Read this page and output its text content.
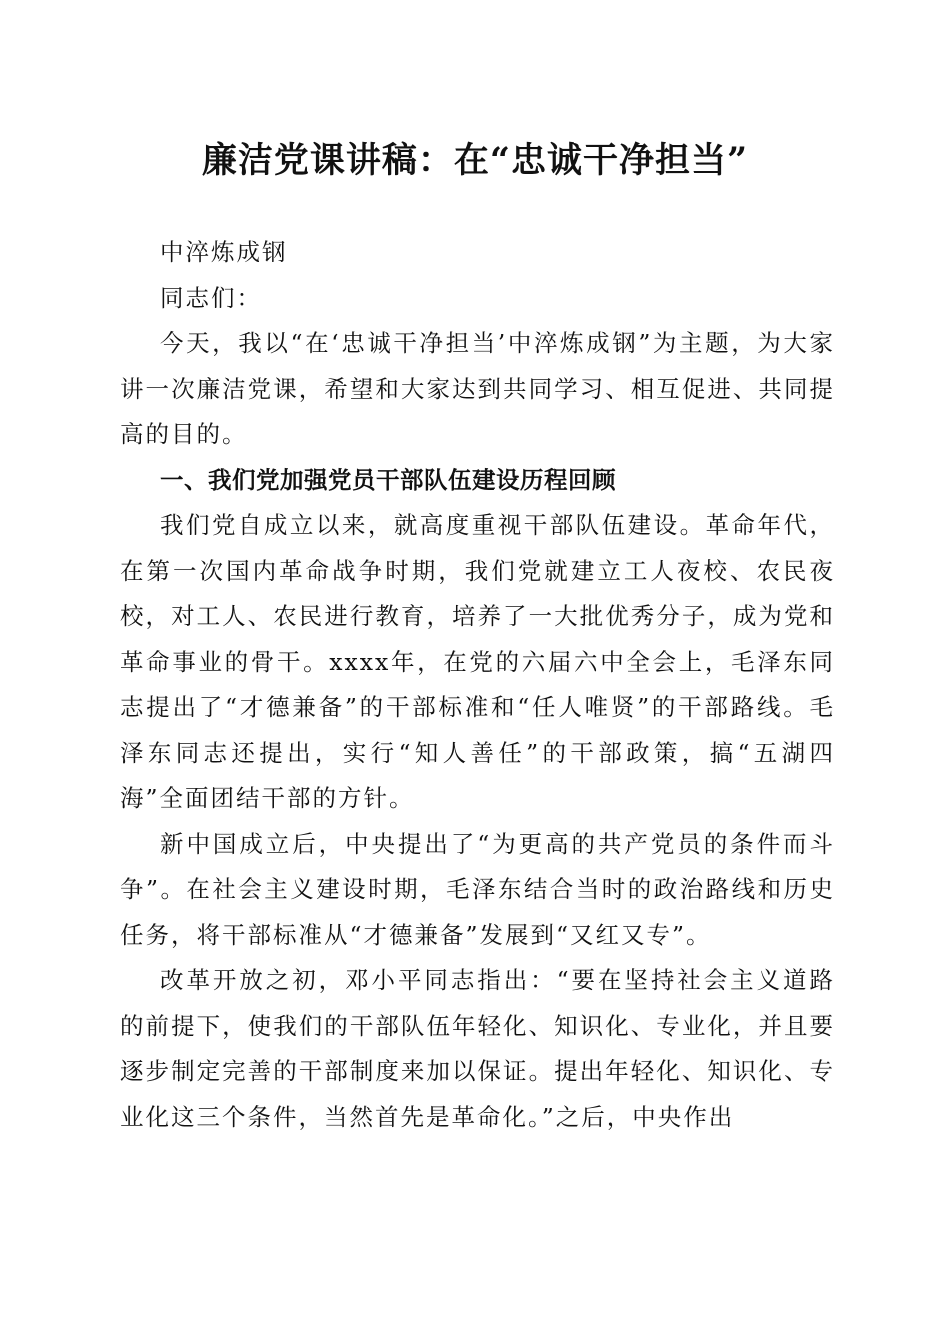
廉洁党课讲稿：在“忠诚干净担当”

中淬炼成钢

同志们：

今天，我以“在‘忠诚干净担当’中淬炼成钢”为主题，为大家讲一次廉洁党课，希望和大家达到共同学习、相互促进、共同提高的目的。

一、我们党加强党员干部队伍建设历程回顾

我们党自成立以来，就高度重视干部队伍建设。革命年代，在第一次国内革命战争时期，我们党就建立工人夜校、农民夜校，对工人、农民进行教育，培养了一大批优秀分子，成为党和革命事业的骨干。xxxx年，在党的六届六中全会上，毛泽东同志提出了“才德兼备”的干部标准和“任人唯贤”的干部路线。毛泽东同志还提出，实行“知人善任”的干部政策，搞“五湖四海”全面团结干部的方针。

新中国成立后，中央提出了“为更高的共产党员的条件而斗争”。在社会主义建设时期，毛泽东结合当时的政治路线和历史任务，将干部标准从“才德兼备”发展到“又红又专”。

改革开放之初，邓小平同志指出：“要在坚持社会主义道路的前提下，使我们的干部队伍年轻化、知识化、专业化，并且要逐步制定完善的干部制度来加以保证。提出年轻化、知识化、专业化这三个条件，当然首先是革命化。”之后，中央作出
